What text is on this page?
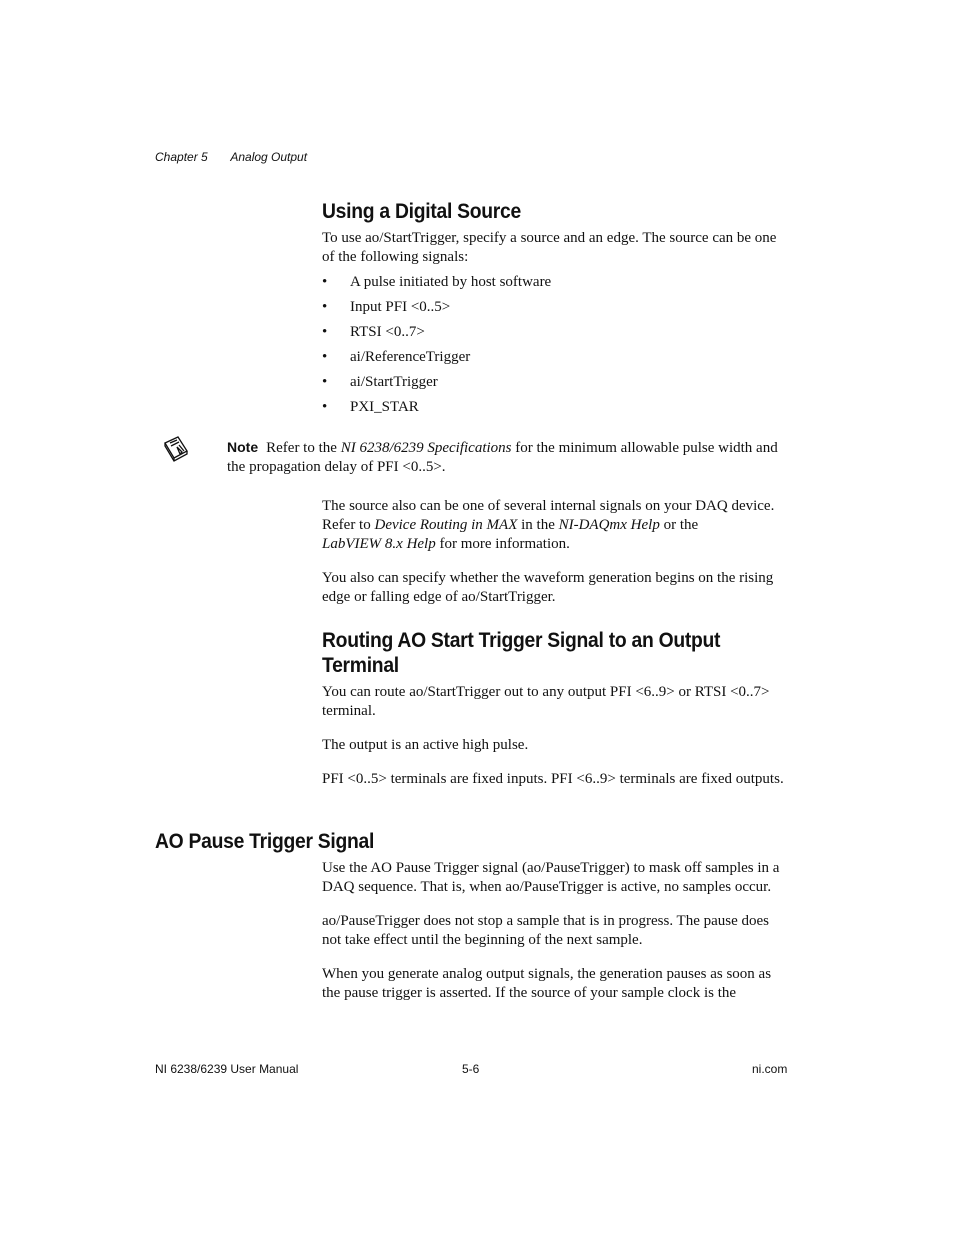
Chapter 5 Analog Output
Using a Digital Source

To use ao/StartTrigger, specify a source and an edge. The source can be one of the following signals:

• A pulse initiated by host software
• Input PFI <0..5>
• RTSI <0..7>
• ai/ReferenceTrigger
• ai/StartTrigger
• PXI_STAR
Note Refer to the NI 6238/6239 Specifications for the minimum allowable pulse width and the propagation delay of PFI <0..5>.

The source also can be one of several internal signals on your DAQ device. Refer to Device Routing in MAX in the NI-DAQmx Help or the
LabVIEW 8.x Help for more information.

You also can specify whether the waveform generation begins on the rising edge or falling edge of ao/StartTrigger.

Routing AO Start Trigger Signal to an Output
Terminal

You can route ao/StartTrigger out to any output PFI <6..9> or RTSI <0..7> terminal.

The output is an active high pulse.

PFI <0..5> terminals are fixed inputs. PFI <6..9> terminals are fixed outputs.

AO Pause Trigger Signal

Use the AO Pause Trigger signal (ao/PauseTrigger) to mask off samples in a DAQ sequence. That is, when ao/PauseTrigger is active, no samples occur.

ao/PauseTrigger does not stop a sample that is in progress. The pause does not take effect until the beginning of the next sample.

When you generate analog output signals, the generation pauses as soon as the pause trigger is asserted. If the source of your sample clock is the

NI 6238/6239 User Manual	5-6	ni.com
